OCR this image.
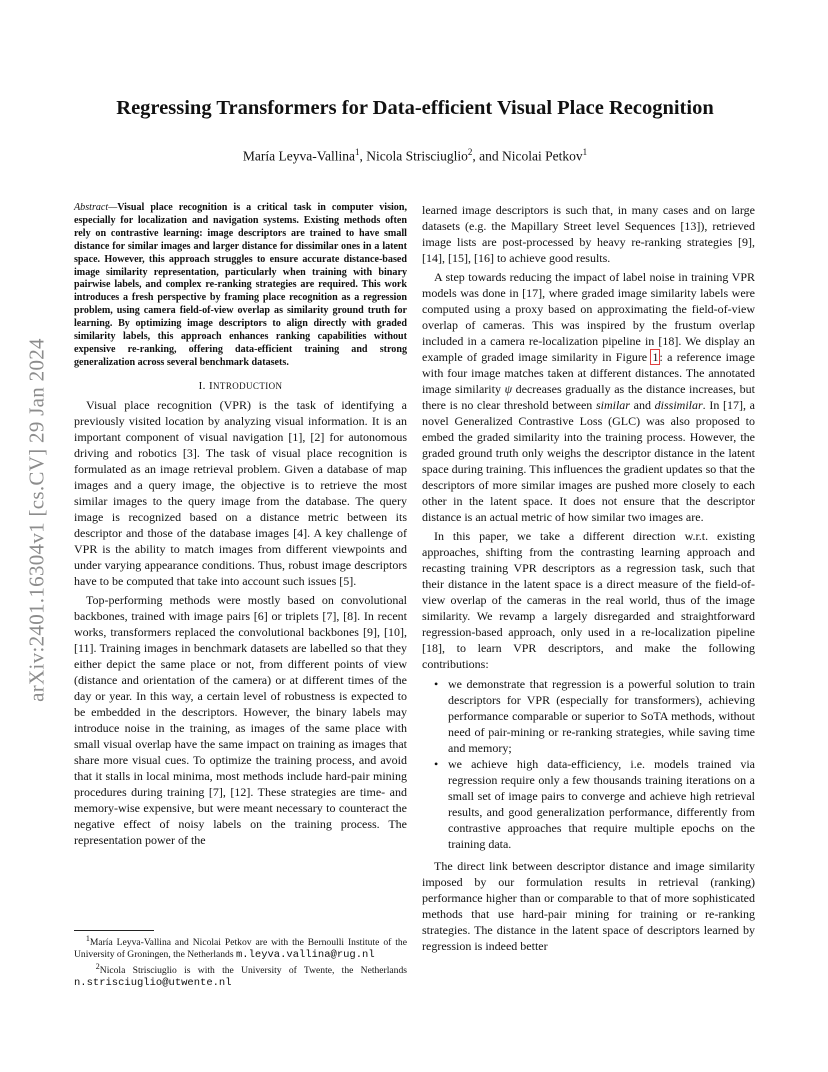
arXiv:2401.16304v1 [cs.CV] 29 Jan 2024
Regressing Transformers for Data-efficient Visual Place Recognition
María Leyva-Vallina$^1$, Nicola Strisciuglio$^2$, and Nicolai Petkov$^1$

Abstract—Visual place recognition is a critical task in computer vision, especially for localization and navigation systems. Existing methods often rely on contrastive learning: image descriptors are trained to have small distance for similar images and larger distance for dissimilar ones in a latent space. However, this approach struggles to ensure accurate distance-based image similarity representation, particularly when training with binary pairwise labels, and complex re-ranking strategies are required. This work introduces a fresh perspective by framing place recognition as a regression problem, using camera field-of-view overlap as similarity ground truth for learning. By optimizing image descriptors to align directly with graded similarity labels, this approach enhances ranking capabilities without expensive re-ranking, offering data-efficient training and strong generalization across several benchmark datasets.

I. INTRODUCTION

Visual place recognition (VPR) is the task of identifying a previously visited location by analyzing visual information. It is an important component of visual navigation [1], [2] for autonomous driving and robotics [3]. The task of visual place recognition is formulated as an image retrieval problem. Given a database of map images and a query image, the objective is to retrieve the most similar images to the query image from the database. The query image is recognized based on a distance metric between its descriptor and those of the database images [4]. A key challenge of VPR is the ability to match images from different viewpoints and under varying appearance conditions. Thus, robust image descriptors have to be computed that take into account such issues [5].

Top-performing methods were mostly based on convolutional backbones, trained with image pairs [6] or triplets [7], [8]. In recent works, transformers replaced the convolutional backbones [9], [10], [11]. Training images in benchmark datasets are labelled so that they either depict the same place or not, from different points of view (distance and orientation of the camera) or at different times of the day or year. In this way, a certain level of robustness is expected to be embedded in the descriptors. However, the binary labels may introduce noise in the training, as images of the same place with small visual overlap have the same impact on training as images that share more visual cues. To optimize the training process, and avoid that it stalls in local minima, most methods include hard-pair mining procedures during training [7], [12]. These strategies are time- and memory-wise expensive, but were meant necessary to counteract the negative effect of noisy labels on the training process. The representation power of the

learned image descriptors is such that, in many cases and on large datasets (e.g. the Mapillary Street level Sequences [13]), retrieved image lists are post-processed by heavy re-ranking strategies [9], [14], [15], [16] to achieve good results.

A step towards reducing the impact of label noise in training VPR models was done in [17], where graded image similarity labels were computed using a proxy based on approximating the field-of-view overlap of cameras. This was inspired by the frustum overlap included in a camera re-localization pipeline in [18]. We display an example of graded image similarity in Figure 1: a reference image with four image matches taken at different distances. The annotated image similarity ψ decreases gradually as the distance increases, but there is no clear threshold between similar and dissimilar. In [17], a novel Generalized Contrastive Loss (GLC) was also proposed to embed the graded similarity into the training process. However, the graded ground truth only weighs the descriptor distance in the latent space during training. This influences the gradient updates so that the descriptors of more similar images are pushed more closely to each other in the latent space. It does not ensure that the descriptor distance is an actual metric of how similar two images are.

In this paper, we take a different direction w.r.t. existing approaches, shifting from the contrasting learning approach and recasting training VPR descriptors as a regression task, such that their distance in the latent space is a direct measure of the field-of-view overlap of the cameras in the real world, thus of the image similarity. We revamp a largely disregarded and straightforward regression-based approach, only used in a re-localization pipeline [18], to learn VPR descriptors, and make the following contributions:

• we demonstrate that regression is a powerful solution to train descriptors for VPR (especially for transformers), achieving performance comparable or superior to SoTA methods, without need of pair-mining or re-ranking strategies, while saving time and memory;
• we achieve high data-efficiency, i.e. models trained via regression require only a few thousands training iterations on a small set of image pairs to converge and achieve high retrieval results, and good generalization performance, differently from contrastive approaches that require multiple epochs on the training data.

The direct link between descriptor distance and image similarity imposed by our formulation results in retrieval (ranking) performance higher than or comparable to that of more sophisticated methods that use hard-pair mining for training or re-ranking strategies. The distance in the latent space of descriptors learned by regression is indeed better

$^1$María Leyva-Vallina and Nicolai Petkov are with the Bernoulli Institute of the University of Groningen, the Netherlands m.leyva.vallina@rug.nl

$^2$Nicola Strisciuglio is with the University of Twente, the Netherlands n.strisciuglio@utwente.nl
